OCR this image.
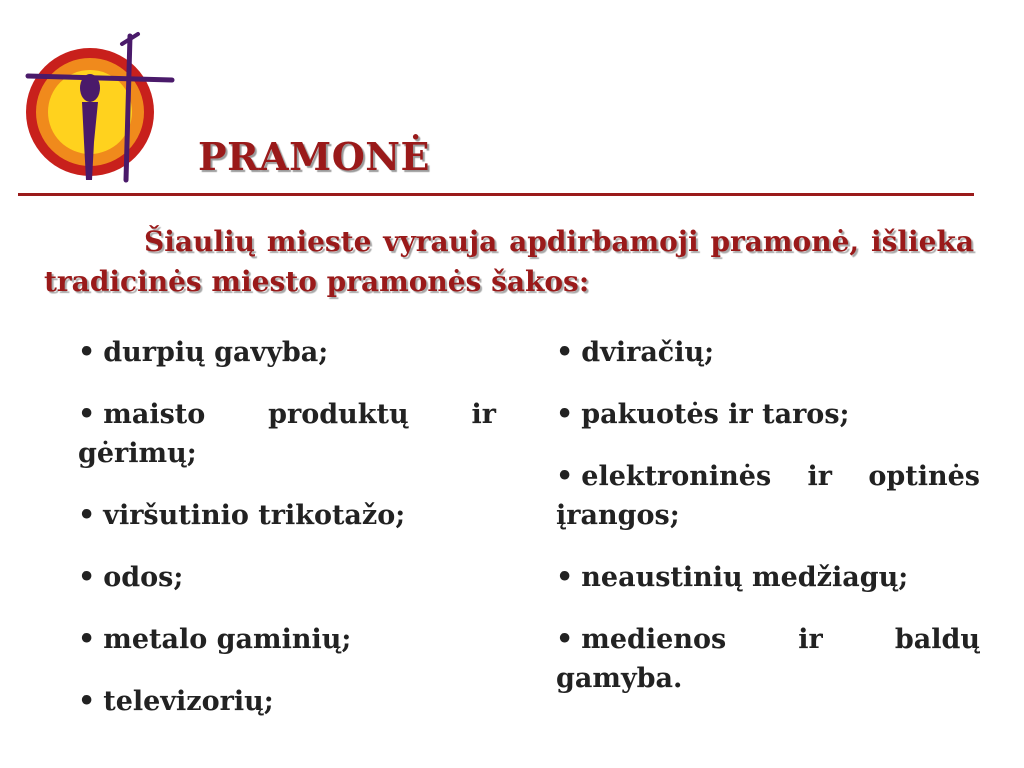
PRAMONĖ

Šiaulių mieste vyrauja apdirbamoji pramonė, išlieka tradicinės miesto pramonės šakos:

• durpių gavyba;
• maisto produktų ir gėrimų;
• viršutinio trikotažo;
• odos;
• metalo gaminių;
• televizorių;
• dviračių;
• pakuotės ir taros;
• elektroninės ir optinės įrangos;
• neaustinių medžiagų;
• medienos ir baldų gamyba.
